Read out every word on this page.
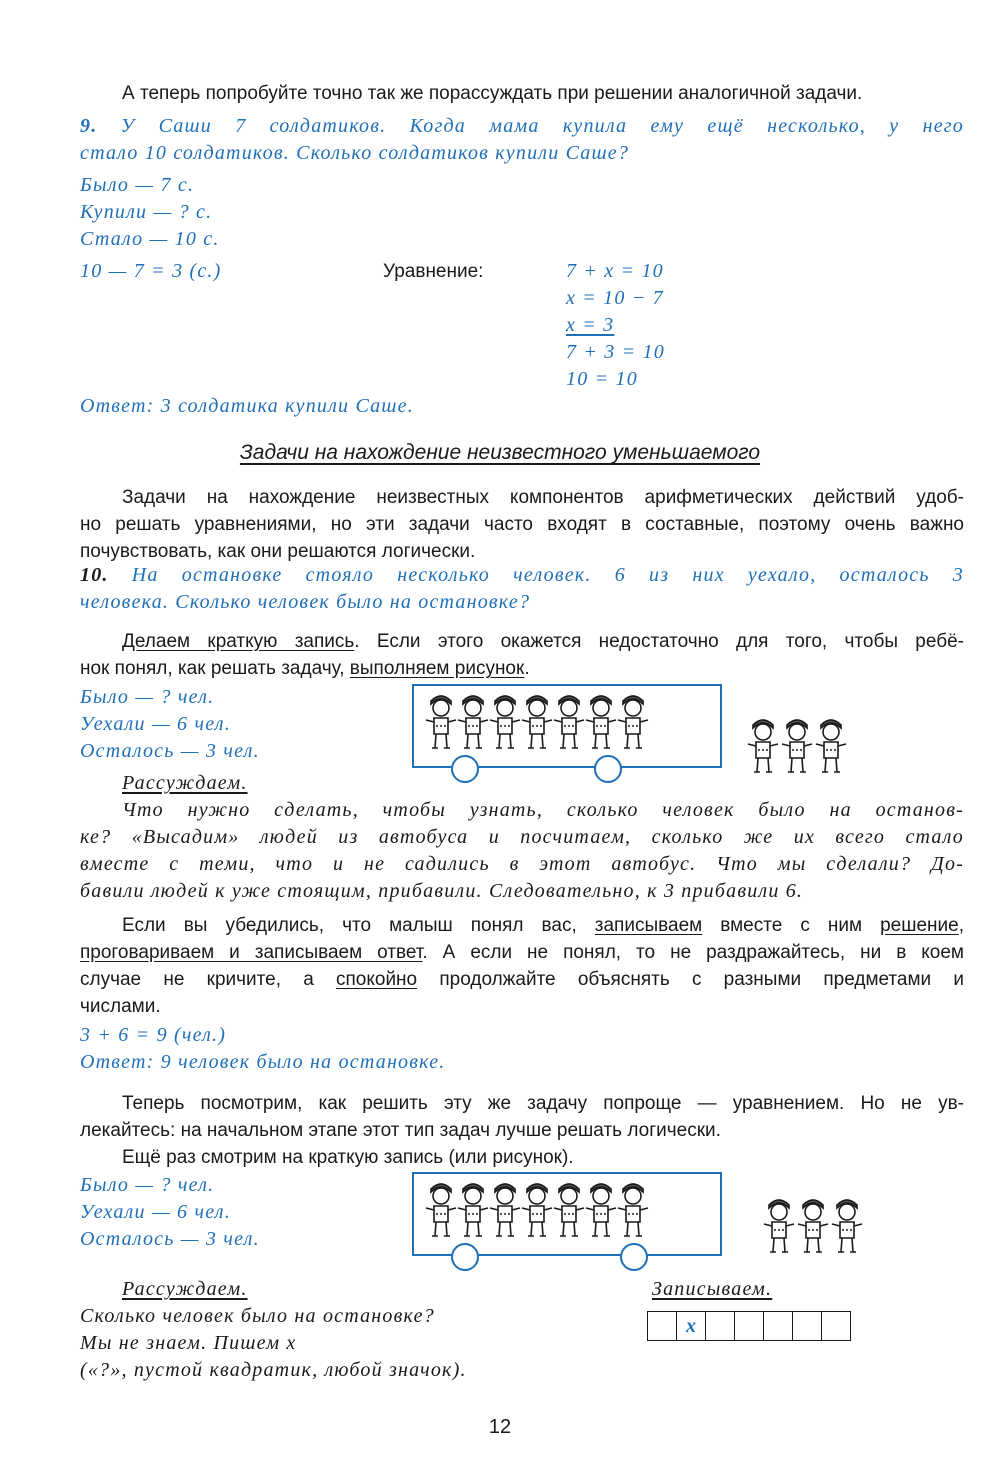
А теперь попробуйте точно так же порассуждать при решении аналогичной задачи.

9. У Саши 7 солдатиков. Когда мама купила ему ещё несколько, у него
стало 10 солдатиков. Сколько солдатиков купили Саше?
Было — 7 с.
Купили — ? с.
Стало — 10 с.
10 — 7 = 3 (с.)	Уравнение:	7 + x = 10
x = 10 − 7
x = 3
7 + 3 = 10
10 = 10
Ответ: 3 солдатика купили Саше.
Задачи на нахождение неизвестного уменьшаемого
Задачи на нахождение неизвестных компонентов арифметических действий удоб-
но решать уравнениями, но эти задачи часто входят в составные, поэтому очень важно
почувствовать, как они решаются логически.
10. На остановке стояло несколько человек. 6 из них уехало, осталось 3
человека. Сколько человек было на остановке?
Делаем краткую запись. Если этого окажется недостаточно для того, чтобы ребё-
нок понял, как решать задачу, выполняем рисунок.
Было — ? чел.
Уехали — 6 чел.
Осталось — 3 чел.
Рассуждаем.
Что нужно сделать, чтобы узнать, сколько человек было на останов-
ке? «Высадим» людей из автобуса и посчитаем, сколько же их всего стало
вместе с теми, что и не садились в этот автобус. Что мы сделали? До-
бавили людей к уже стоящим, прибавили. Следовательно, к 3 прибавили 6.
Если вы убедились, что малыш понял вас, записываем вместе с ним решение,
проговариваем и записываем ответ. А если не понял, то не раздражайтесь, ни в коем
случае не кричите, а спокойно продолжайте объяснять с разными предметами и
числами.
3 + 6 = 9 (чел.)
Ответ: 9 человек было на остановке.
Теперь посмотрим, как решить эту же задачу попроще — уравнением. Но не ув-
лекайтесь: на начальном этапе этот тип задач лучше решать логически.
Ещё раз смотрим на краткую запись (или рисунок).
Было — ? чел.
Уехали — 6 чел.
Осталось — 3 чел.
Рассуждаем.
Сколько человек было на остановке?
Мы не знаем. Пишем х
(«?», пустой квадратик, любой значок).
Записываем.
x
12
